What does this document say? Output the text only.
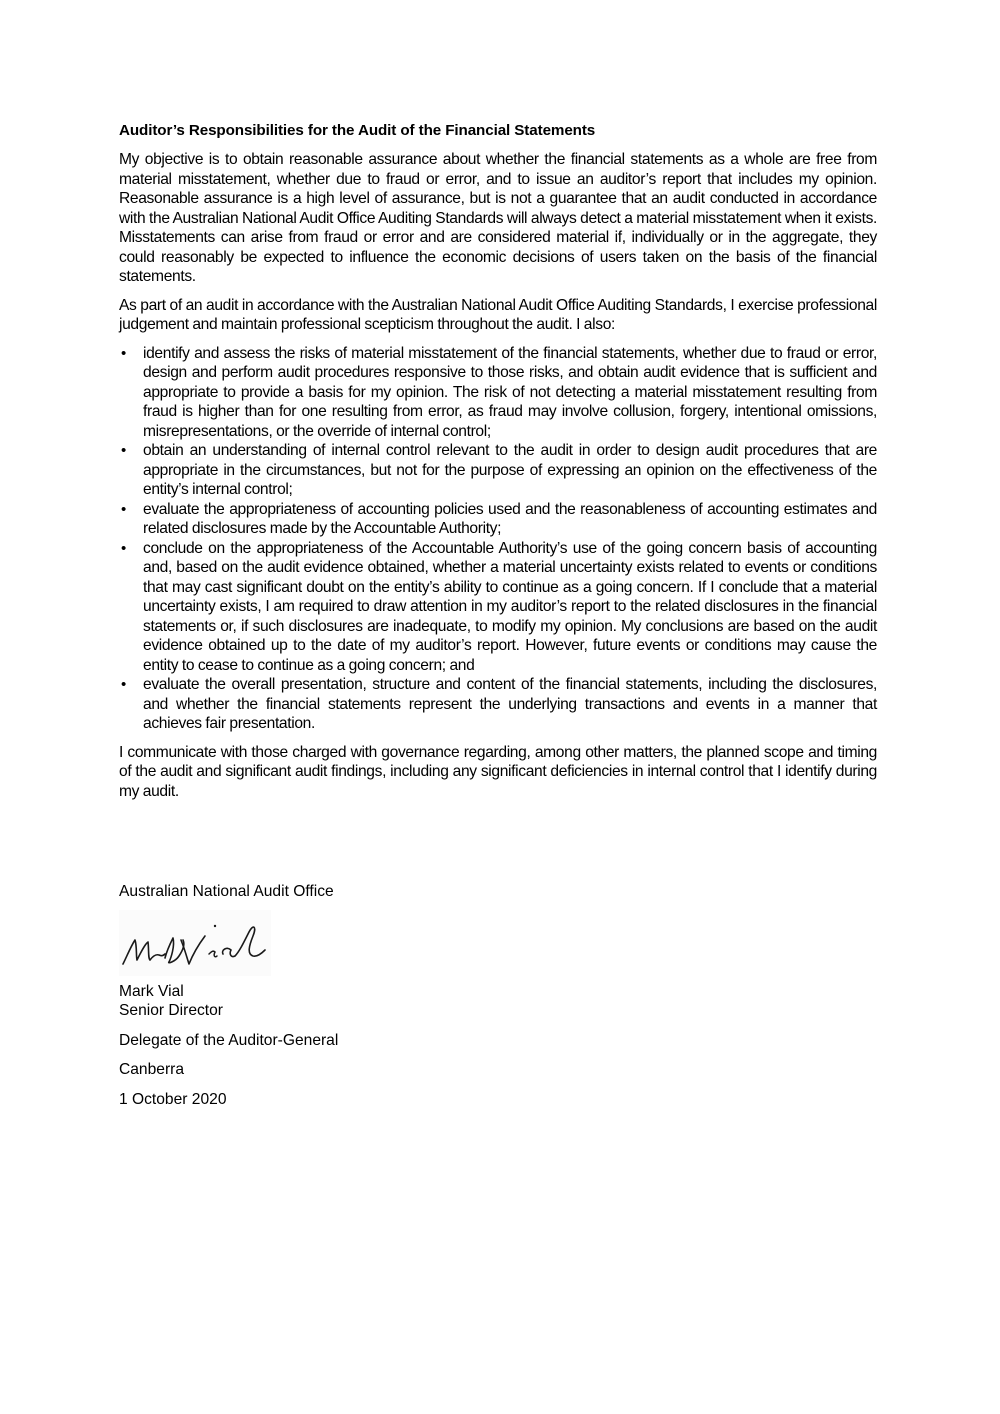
Auditor’s Responsibilities for the Audit of the Financial Statements

My objective is to obtain reasonable assurance about whether the financial statements as a whole are free from material misstatement, whether due to fraud or error, and to issue an auditor’s report that includes my opinion. Reasonable assurance is a high level of assurance, but is not a guarantee that an audit conducted in accordance with the Australian National Audit Office Auditing Standards will always detect a material misstatement when it exists. Misstatements can arise from fraud or error and are considered material if, individually or in the aggregate, they could reasonably be expected to influence the economic decisions of users taken on the basis of the financial statements.

As part of an audit in accordance with the Australian National Audit Office Auditing Standards, I exercise professional judgement and maintain professional scepticism throughout the audit. I also:

• identify and assess the risks of material misstatement of the financial statements, whether due to fraud or error, design and perform audit procedures responsive to those risks, and obtain audit evidence that is sufficient and appropriate to provide a basis for my opinion. The risk of not detecting a material misstatement resulting from fraud is higher than for one resulting from error, as fraud may involve collusion, forgery, intentional omissions, misrepresentations, or the override of internal control;
• obtain an understanding of internal control relevant to the audit in order to design audit procedures that are appropriate in the circumstances, but not for the purpose of expressing an opinion on the effectiveness of the entity’s internal control;
• evaluate the appropriateness of accounting policies used and the reasonableness of accounting estimates and related disclosures made by the Accountable Authority;
• conclude on the appropriateness of the Accountable Authority’s use of the going concern basis of accounting and, based on the audit evidence obtained, whether a material uncertainty exists related to events or conditions that may cast significant doubt on the entity’s ability to continue as a going concern. If I conclude that a material uncertainty exists, I am required to draw attention in my auditor’s report to the related disclosures in the financial statements or, if such disclosures are inadequate, to modify my opinion. My conclusions are based on the audit evidence obtained up to the date of my auditor’s report. However, future events or conditions may cause the entity to cease to continue as a going concern; and
• evaluate the overall presentation, structure and content of the financial statements, including the disclosures, and whether the financial statements represent the underlying transactions and events in a manner that achieves fair presentation.

I communicate with those charged with governance regarding, among other matters, the planned scope and timing of the audit and significant audit findings, including any significant deficiencies in internal control that I identify during my audit.

Australian National Audit Office

Mark Vial

Senior Director

Delegate of the Auditor-General

Canberra

1 October 2020
